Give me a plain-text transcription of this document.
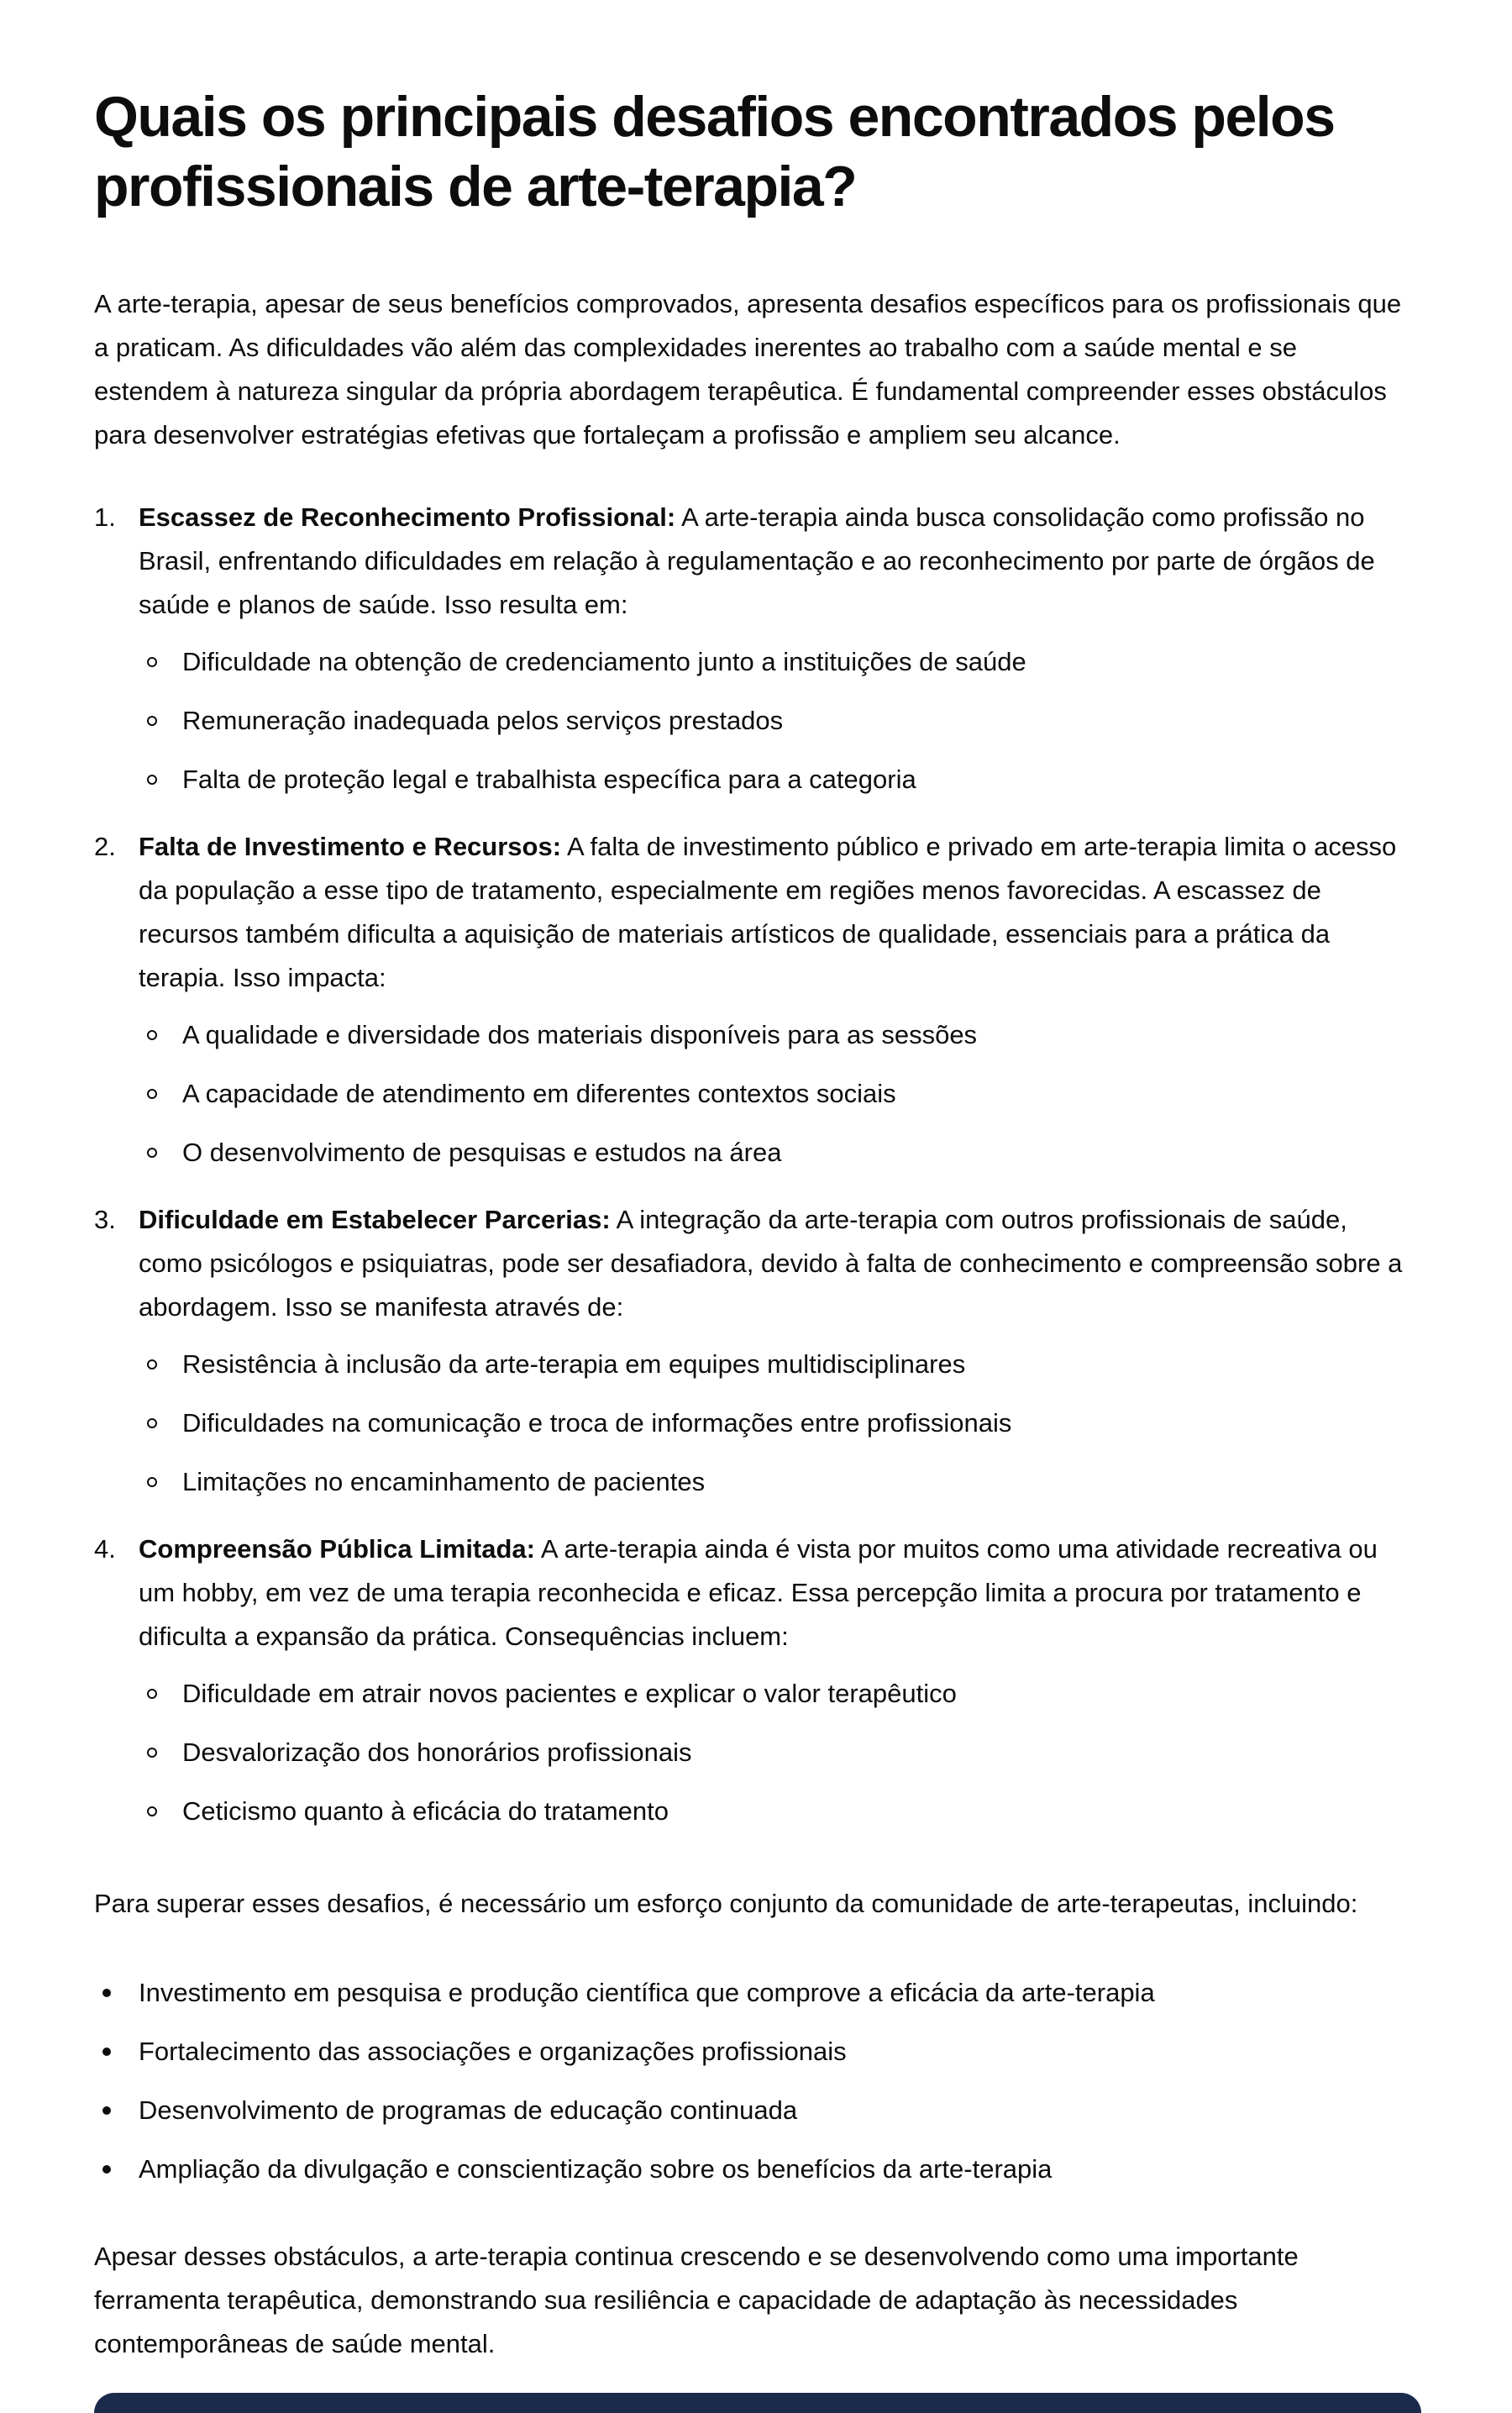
Quais os principais desafios encontrados pelos profissionais de arte-terapia?

A arte-terapia, apesar de seus benefícios comprovados, apresenta desafios específicos para os profissionais que a praticam. As dificuldades vão além das complexidades inerentes ao trabalho com a saúde mental e se estendem à natureza singular da própria abordagem terapêutica. É fundamental compreender esses obstáculos para desenvolver estratégias efetivas que fortaleçam a profissão e ampliem seu alcance.

1. Escassez de Reconhecimento Profissional: A arte-terapia ainda busca consolidação como profissão no Brasil, enfrentando dificuldades em relação à regulamentação e ao reconhecimento por parte de órgãos de saúde e planos de saúde. Isso resulta em:

Dificuldade na obtenção de credenciamento junto a instituições de saúde
Remuneração inadequada pelos serviços prestados
Falta de proteção legal e trabalhista específica para a categoria
2. Falta de Investimento e Recursos: A falta de investimento público e privado em arte-terapia limita o acesso da população a esse tipo de tratamento, especialmente em regiões menos favorecidas. A escassez de recursos também dificulta a aquisição de materiais artísticos de qualidade, essenciais para a prática da terapia. Isso impacta:

A qualidade e diversidade dos materiais disponíveis para as sessões
A capacidade de atendimento em diferentes contextos sociais
O desenvolvimento de pesquisas e estudos na área
3. Dificuldade em Estabelecer Parcerias: A integração da arte-terapia com outros profissionais de saúde, como psicólogos e psiquiatras, pode ser desafiadora, devido à falta de conhecimento e compreensão sobre a abordagem. Isso se manifesta através de:

Resistência à inclusão da arte-terapia em equipes multidisciplinares
Dificuldades na comunicação e troca de informações entre profissionais
Limitações no encaminhamento de pacientes
4. Compreensão Pública Limitada: A arte-terapia ainda é vista por muitos como uma atividade recreativa ou um hobby, em vez de uma terapia reconhecida e eficaz. Essa percepção limita a procura por tratamento e dificulta a expansão da prática. Consequências incluem:

Dificuldade em atrair novos pacientes e explicar o valor terapêutico
Desvalorização dos honorários profissionais
Ceticismo quanto à eficácia do tratamento

Para superar esses desafios, é necessário um esforço conjunto da comunidade de arte-terapeutas, incluindo:

Investimento em pesquisa e produção científica que comprove a eficácia da arte-terapia
Fortalecimento das associações e organizações profissionais
Desenvolvimento de programas de educação continuada
Ampliação da divulgação e conscientização sobre os benefícios da arte-terapia

Apesar desses obstáculos, a arte-terapia continua crescendo e se desenvolvendo como uma importante ferramenta terapêutica, demonstrando sua resiliência e capacidade de adaptação às necessidades contemporâneas de saúde mental.
